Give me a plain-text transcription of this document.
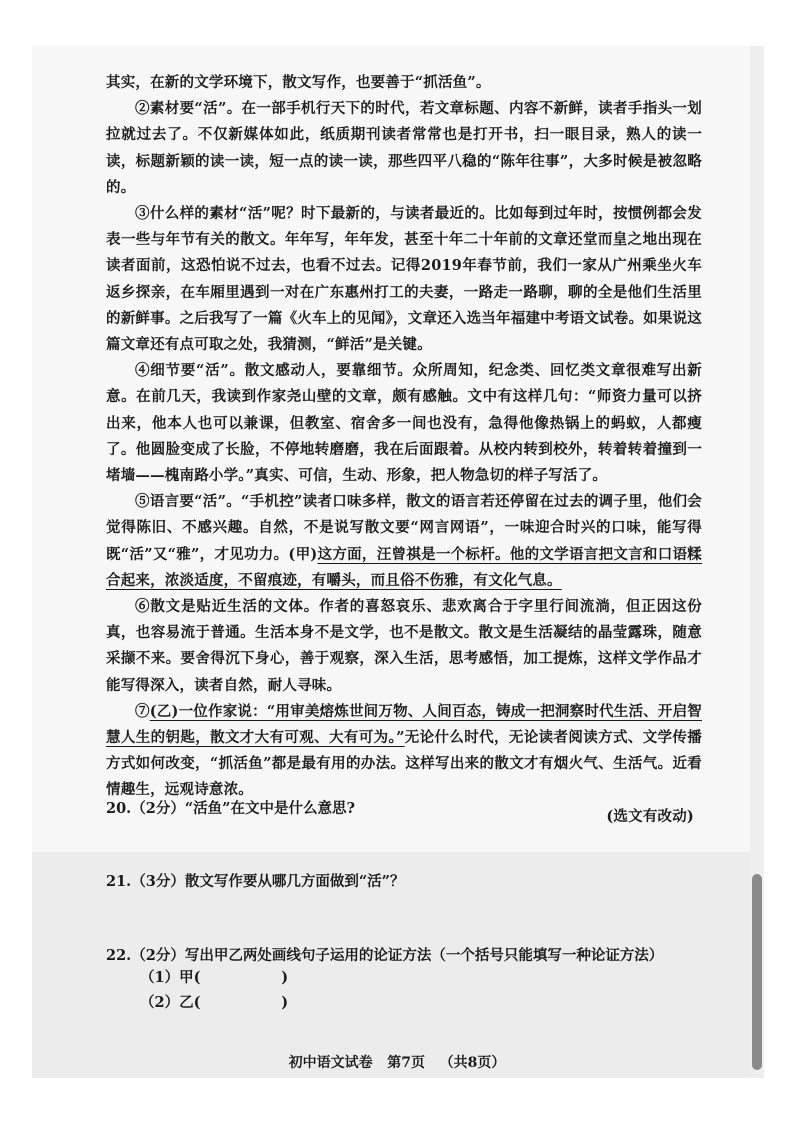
其实，在新的文学环境下，散文写作，也要善于“抓活鱼”。

②素材要“活”。在一部手机行天下的时代，若文章标题、内容不新鲜，读者手指头一划拉就过去了。不仅新媒体如此，纸质期刊读者常常也是打开书，扫一眼目录，熟人的读一读，标题新颖的读一读，短一点的读一读，那些四平八稳的“陈年往事”，大多时候是被忽略的。

③什么样的素材“活”呢？时下最新的，与读者最近的。比如每到过年时，按惯例都会发表一些与年节有关的散文。年年写，年年发，甚至十年二十年前的文章还堂而皇之地出现在读者面前，这恐怕说不过去，也看不过去。记得2019年春节前，我们一家从广州乘坐火车返乡探亲，在车厢里遇到一对在广东惠州打工的夫妻，一路走一路聊，聊的全是他们生活里的新鲜事。之后我写了一篇《火车上的见闻》，文章还入选当年福建中考语文试卷。如果说这篇文章还有点可取之处，我猜测，“鲜活”是关键。

④细节要“活”。散文感动人，要靠细节。众所周知，纪念类、回忆类文章很难写出新意。在前几天，我读到作家尧山壁的文章，颇有感触。文中有这样几句：“师资力量可以挤出来，他本人也可以兼课，但教室、宿舍多一间也没有，急得他像热锅上的蚂蚁，人都瘦了。他圆脸变成了长脸，不停地转磨磨，我在后面跟着。从校内转到校外，转着转着撞到一堵墙——槐南路小学。”真实、可信，生动、形象，把人物急切的样子写活了。

⑤语言要“活”。“手机控”读者口味多样，散文的语言若还停留在过去的调子里，他们会觉得陈旧、不感兴趣。自然，不是说写散文要“网言网语”，一味迎合时兴的口味，能写得既“活”又“雅”，才见功力。(甲)这方面，汪曾祺是一个标杆。他的文学语言把文言和口语糅合起来，浓淡适度，不留痕迹，有嚼头，而且俗不伤雅，有文化气息。

⑥散文是贴近生活的文体。作者的喜怒哀乐、悲欢离合于字里行间流淌，但正因这份真，也容易流于普通。生活本身不是文学，也不是散文。散文是生活凝结的晶莹露珠，随意采撷不来。要舍得沉下身心，善于观察，深入生活，思考感悟，加工提炼，这样文学作品才能写得深入，读者自然，耐人寻味。

⑦(乙)一位作家说：“用审美熔炼世间万物、人间百态，铸成一把洞察时代生活、开启智慧人生的钥匙，散文才大有可观、大有可为。”无论什么时代，无论读者阅读方式、文学传播方式如何改变，“抓活鱼”都是最有用的办法。这样写出来的散文才有烟火气、生活气。近看情趣生，远观诗意浓。

(选文有改动)

20.（2分）“活鱼”在文中是什么意思?
21.（3分）散文写作要从哪几方面做到“活”？
22.（2分）写出甲乙两处画线句子运用的论证方法（一个括号只能填写一种论证方法）
（1）甲(                )
（2）乙(                )
初中语文试卷   第7页   （共8页）
